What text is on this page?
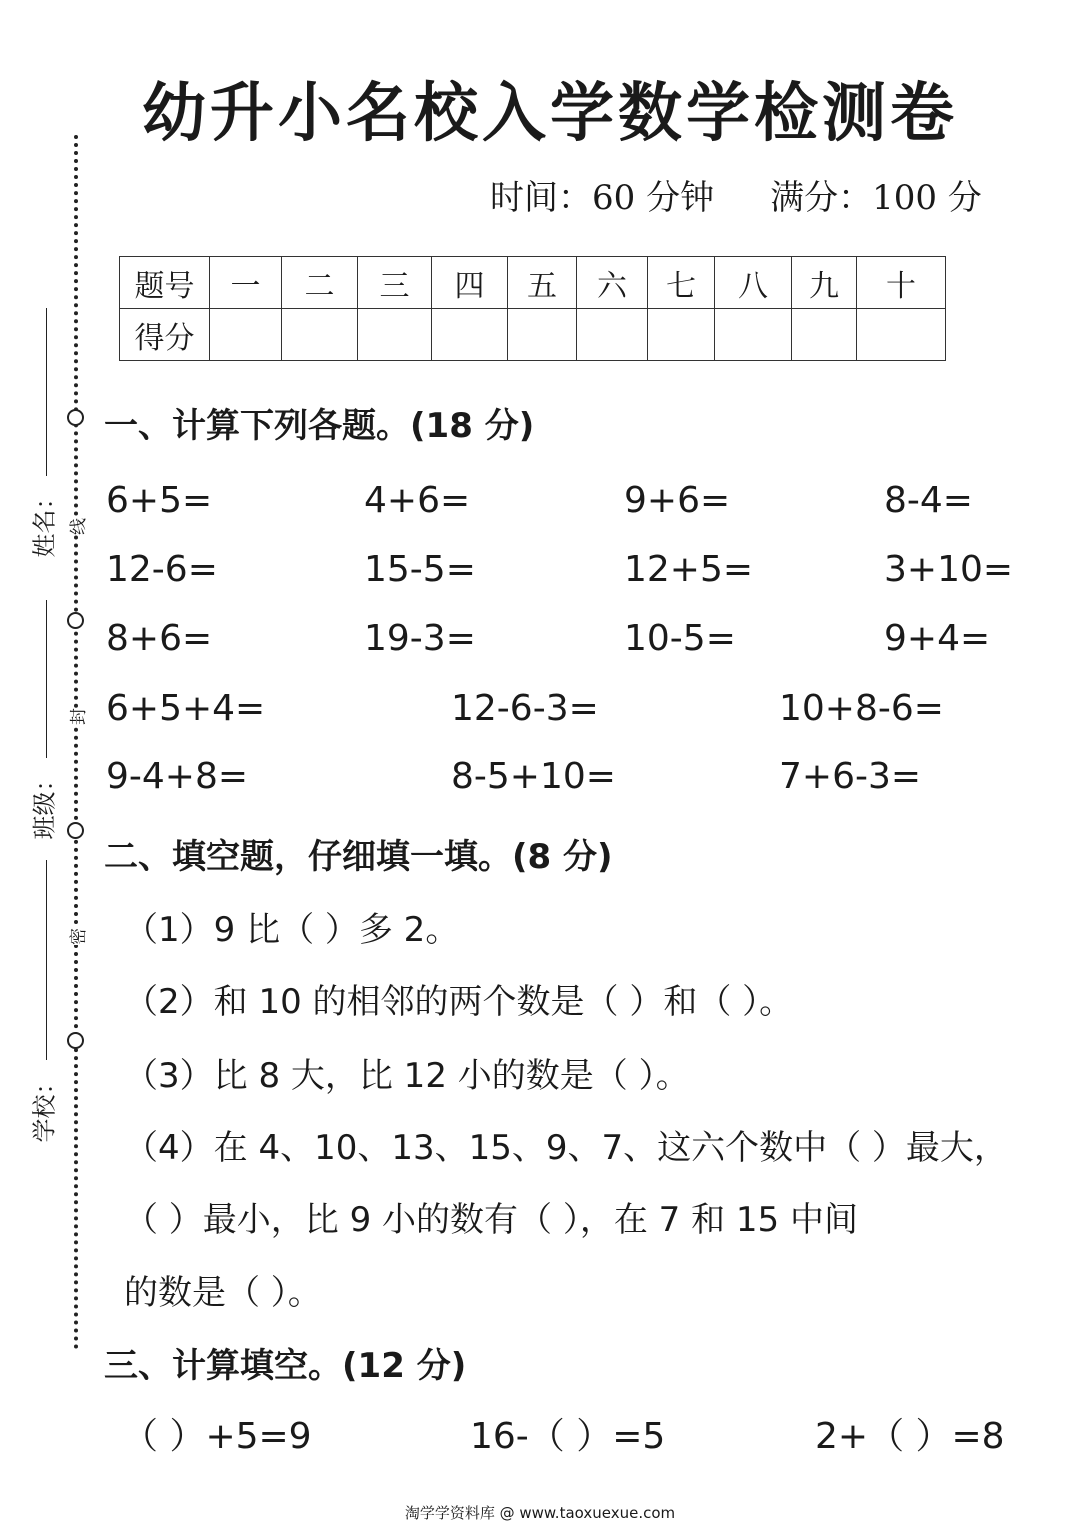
幼升小名校入学数学检测卷
时间：60 分钟 满分：100 分
题号	一	二	三	四	五	六	七	八	九	十
得分										
线
封
密
姓名：
班级：
学校：
一、计算下列各题。(18 分)
6+5=	4+6=	9+6=	8-4=
12-6=	15-5=	12+5=	3+10=
8+6=	19-3=	10-5=	9+4=
6+5+4=	12-6-3=	10+8-6=
9-4+8=	8-5+10=	7+6-3=
二、填空题，仔细填一填。(8 分)
（1）9 比（ ）多 2。
（2）和 10 的相邻的两个数是（ ）和（ ）。
（3）比 8 大，比 12 小的数是（ ）。
（4）在 4、10、13、15、9、7、这六个数中（ ）最大，
（ ）最小，比 9 小的数有（ ），在 7 和 15 中间
的数是（ ）。
三、计算填空。(12 分)
（ ）+5=9	16-（ ）=5	2+（ ）=8
淘学学资料库 @ www.taoxuexue.com
